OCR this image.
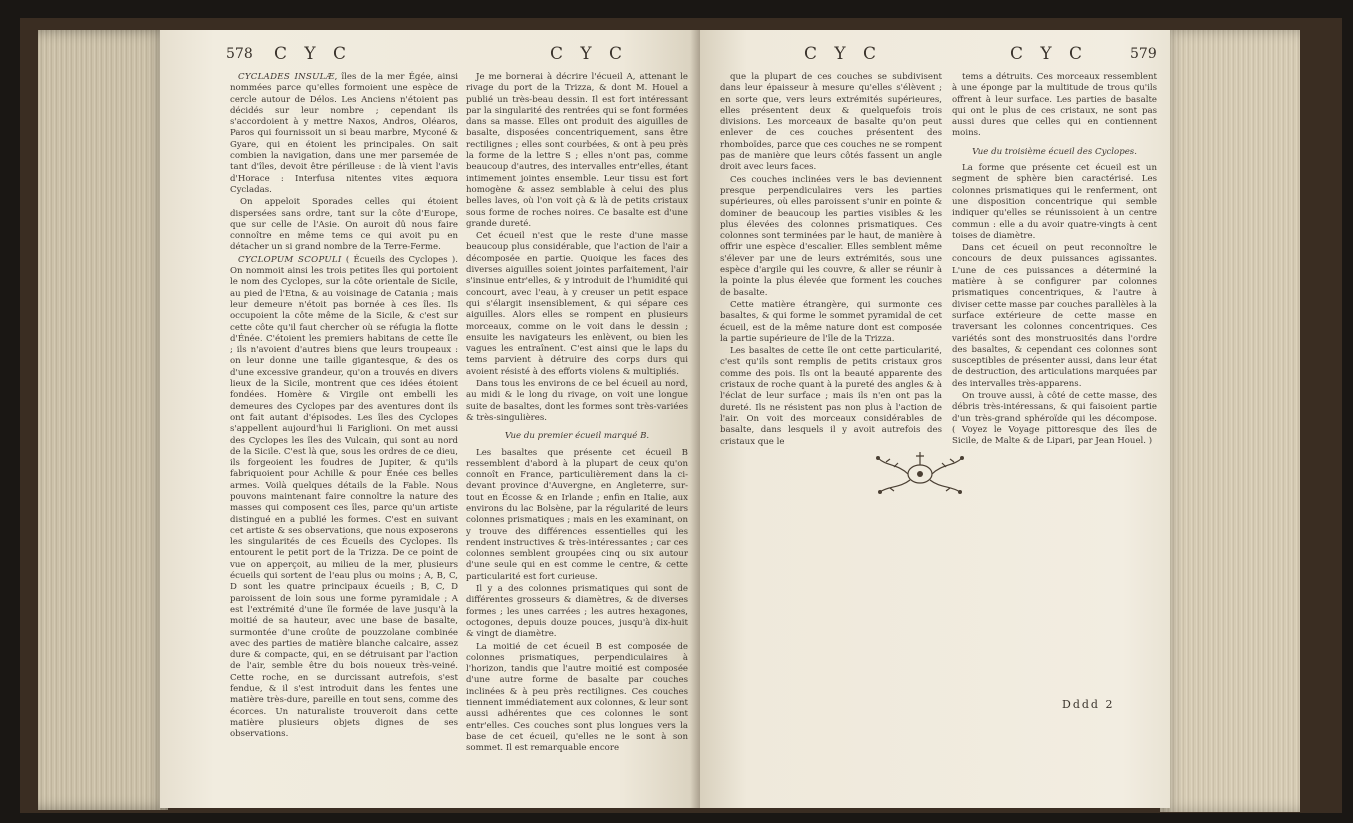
578 C Y C	C Y C

CYCLADES INSULÆ, îles de la mer Égée, ainsi nommées parce qu'elles formoient une espèce de cercle autour de Délos. Les Anciens n'étoient pas décidés sur leur nombre ; cependant ils s'accordoient à y mettre Naxos, Andros, Oléaros, Paros qui fournissoit un si beau marbre, Myconé & Gyare, qui en étoient les principales. On sait combien la navigation, dans une mer parsemée de tant d'îles, devoit être périlleuse : de là vient l'avis d'Horace : Interfusa nitentes vites æquora Cycladas.

On appeloit Sporades celles qui étoient dispersées sans ordre, tant sur la côte d'Europe, que sur celle de l'Asie. On auroit dû nous faire connoître en même tems ce qui avoit pu en détacher un si grand nombre de la Terre-Ferme.

CYCLOPUM SCOPULI ( Écueils des Cyclopes ). On nommoit ainsi les trois petites îles qui portoient le nom des Cyclopes, sur la côte orientale de Sicile, au pied de l'Etna, & au voisinage de Catania ; mais leur demeure n'étoit pas bornée à ces îles. Ils occupoient la côte même de la Sicile, & c'est sur cette côte qu'il faut chercher où se réfugia la flotte d'Énée. C'étoient les premiers habitans de cette île ; ils n'avoient d'autres biens que leurs troupeaux : on leur donne une taille gigantesque, & des os d'une excessive grandeur, qu'on a trouvés en divers lieux de la Sicile, montrent que ces idées étoient fondées. Homère & Virgile ont embelli les demeures des Cyclopes par des aventures dont ils ont fait autant d'épisodes. Les îles des Cyclopes s'appellent aujourd'hui li Fariglioni. On met aussi des Cyclopes les îles des Vulcain, qui sont au nord de la Sicile. C'est là que, sous les ordres de ce dieu, ils forgeoient les foudres de Jupiter, & qu'ils fabriquoient pour Achille & pour Énée ces belles armes. Voilà quelques détails de la Fable. Nous pouvons maintenant faire connoître la nature des masses qui composent ces îles, parce qu'un artiste distingué en a publié les formes. C'est en suivant cet artiste & ses observations, que nous exposerons les singularités de ces Écueils des Cyclopes. Ils entourent le petit port de la Trizza. De ce point de vue on apperçoit, au milieu de la mer, plusieurs écueils qui sortent de l'eau plus ou moins ; A, B, C, D sont les quatre principaux écueils ; B, C, D paroissent de loin sous une forme pyramidale ; A est l'extrémité d'une île formée de lave jusqu'à la moitié de sa hauteur, avec une base de basalte, surmontée d'une croûte de pouzzolane combinée avec des parties de matière blanche calcaire, assez dure & compacte, qui, en se détruisant par l'action de l'air, semble être du bois noueux très-veiné. Cette roche, en se durcissant autrefois, s'est fendue, & il s'est introduit dans les fentes une matière très-dure, pareille en tout sens, comme des écorces. Un naturaliste trouveroit dans cette matière plusieurs objets dignes de ses observations.

Je me bornerai à décrire l'écueil A, attenant le rivage du port de la Trizza, & dont M. Houel a publié un très-beau dessin. Il est fort intéressant par la singularité des rentrées qui se font formées dans sa masse. Elles ont produit des aiguilles de basalte, disposées concentriquement, sans être rectilignes ; elles sont courbées, & ont à peu près la forme de la lettre S ; elles n'ont pas, comme beaucoup d'autres, des intervalles entr'elles, étant intimement jointes ensemble. Leur tissu est fort homogène & assez semblable à celui des plus belles laves, où l'on voit çà & là de petits cristaux sous forme de roches noires. Ce basalte est d'une grande dureté.

Cet écueil n'est que le reste d'une masse beaucoup plus considérable, que l'action de l'air a décomposée en partie. Quoique les faces des diverses aiguilles soient jointes parfaitement, l'air s'insinue entr'elles, & y introduit de l'humidité qui concourt, avec l'eau, à y creuser un petit espace qui s'élargit insensiblement, & qui sépare ces aiguilles. Alors elles se rompent en plusieurs morceaux, comme on le voit dans le dessin ; ensuite les navigateurs les enlèvent, ou bien les vagues les entraînent. C'est ainsi que le laps du tems parvient à détruire des corps durs qui avoient résisté à des efforts violens & multipliés.

Dans tous les environs de ce bel écueil au nord, au midi & le long du rivage, on voit une longue suite de basaltes, dont les formes sont très-variées & très-singulières.

Vue du premier écueil marqué B.

Les basaltes que présente cet écueil B ressemblent d'abord à la plupart de ceux qu'on connoît en France, particulièrement dans la ci-devant province d'Auvergne, en Angleterre, sur-tout en Écosse & en Irlande ; enfin en Italie, aux environs du lac Bolsène, par la régularité de leurs colonnes prismatiques ; mais en les examinant, on y trouve des différences essentielles qui les rendent instructives & très-intéressantes ; car ces colonnes semblent groupées cinq ou six autour d'une seule qui en est comme le centre, & cette particularité est fort curieuse.

Il y a des colonnes prismatiques qui sont de différentes grosseurs & diamètres, & de diverses formes ; les unes carrées ; les autres hexagones, octogones, depuis douze pouces, jusqu'à dix-huit & vingt de diamètre.

La moitié de cet écueil B est composée de colonnes prismatiques, perpendiculaires à l'horizon, tandis que l'autre moitié est composée d'une autre forme de basalte par couches inclinées & à peu près rectilignes. Ces couches tiennent immédiatement aux colonnes, & leur sont aussi adhérentes que ces colonnes le sont entr'elles. Ces couches sont plus longues vers la base de cet écueil, qu'elles ne le sont à son sommet. Il est remarquable encore

C Y C	C Y C	579

que la plupart de ces couches se subdivisent dans leur épaisseur à mesure qu'elles s'élèvent ; en sorte que, vers leurs extrémités supérieures, elles présentent deux & quelquefois trois divisions. Les morceaux de basalte qu'on peut enlever de ces couches présentent des rhomboïdes, parce que ces couches ne se rompent pas de manière que leurs côtés fassent un angle droit avec leurs faces.

Ces couches inclinées vers le bas deviennent presque perpendiculaires vers les parties supérieures, où elles paroissent s'unir en pointe & dominer de beaucoup les parties visibles & les plus élevées des colonnes prismatiques. Ces colonnes sont terminées par le haut, de manière à offrir une espèce d'escalier. Elles semblent même s'élever par une de leurs extrémités, sous une espèce d'argile qui les couvre, & aller se réunir à la pointe la plus élevée que forment les couches de basalte.

Cette matière étrangère, qui surmonte ces basaltes, & qui forme le sommet pyramidal de cet écueil, est de la même nature dont est composée la partie supérieure de l'île de la Trizza.

Les basaltes de cette île ont cette particularité, c'est qu'ils sont remplis de petits cristaux gros comme des pois. Ils ont la beauté apparente des cristaux de roche quant à la pureté des angles & à l'éclat de leur surface ; mais ils n'en ont pas la dureté. Ils ne résistent pas non plus à l'action de l'air. On voit des morceaux considérables de basalte, dans lesquels il y avoit autrefois des cristaux que le

tems a détruits. Ces morceaux ressemblent à une éponge par la multitude de trous qu'ils offrent à leur surface. Les parties de basalte qui ont le plus de ces cristaux, ne sont pas aussi dures que celles qui en contiennent moins.

Vue du troisième écueil des Cyclopes.

La forme que présente cet écueil est un segment de sphère bien caractérisé. Les colonnes prismatiques qui le renferment, ont une disposition concentrique qui semble indiquer qu'elles se réunissoient à un centre commun : elle a du avoir quatre-vingts à cent toises de diamètre.

Dans cet écueil on peut reconnoître le concours de deux puissances agissantes. L'une de ces puissances a déterminé la matière à se configurer par colonnes prismatiques concentriques, & l'autre à diviser cette masse par couches parallèles à la surface extérieure de cette masse en traversant les colonnes concentriques. Ces variétés sont des monstruosités dans l'ordre des basaltes, & cependant ces colonnes sont susceptibles de présenter aussi, dans leur état de destruction, des articulations marquées par des intervalles très-apparens.

On trouve aussi, à côté de cette masse, des débris très-intéressans, & qui faisoient partie d'un très-grand sphéroïde qui les décompose. ( Voyez le Voyage pittoresque des îles de Sicile, de Malte & de Lipari, par Jean Houel. )

Dddd 2
